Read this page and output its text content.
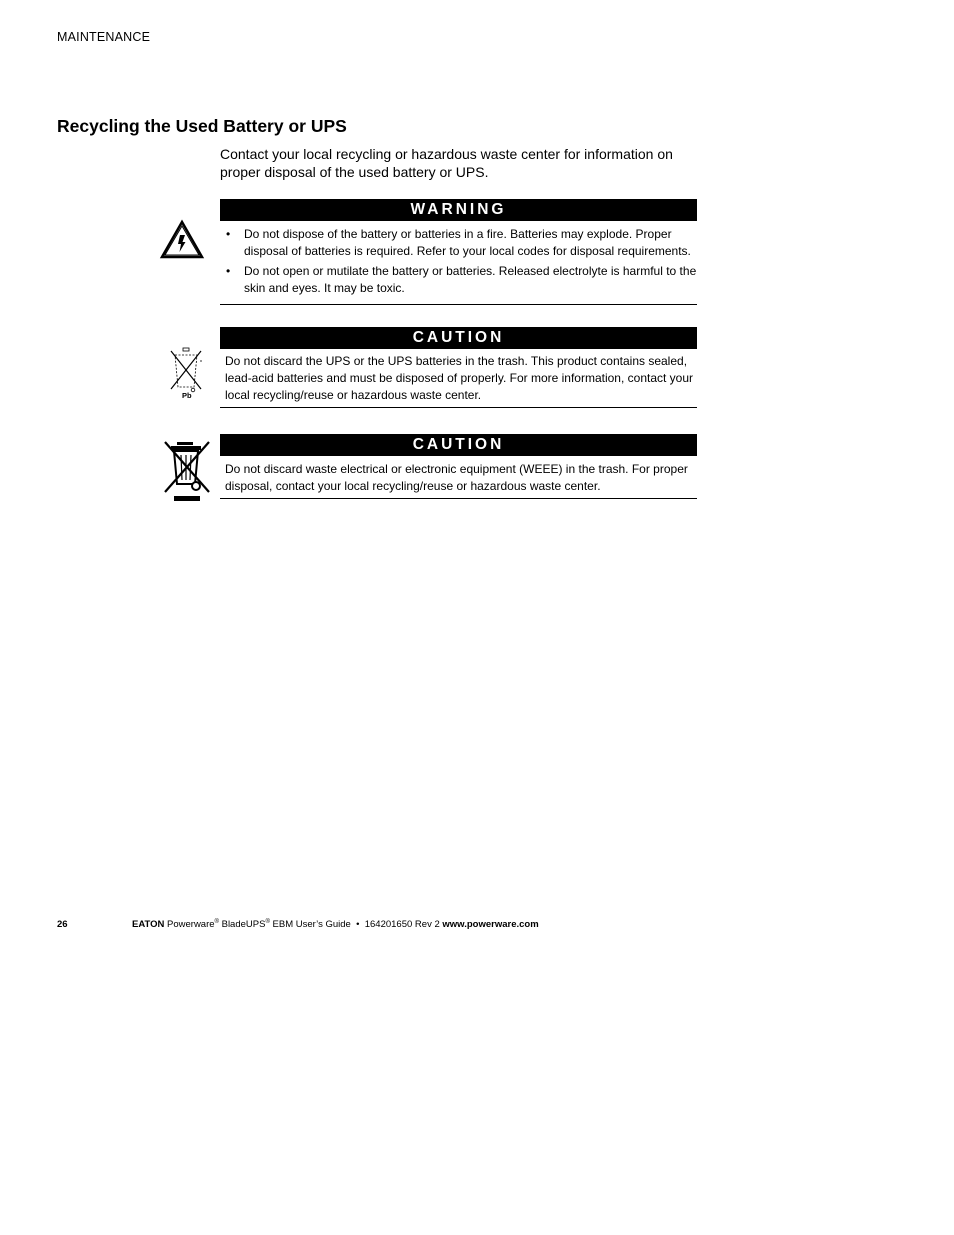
MAINTENANCE
Recycling the Used Battery or UPS

Contact your local recycling or hazardous waste center for information on proper disposal of the used battery or UPS.

WARNING
• Do not dispose of the battery or batteries in a fire. Batteries may explode. Proper disposal of batteries is required. Refer to your local codes for disposal requirements.
• Do not open or mutilate the battery or batteries. Released electrolyte is harmful to the skin and eyes. It may be toxic.
Pb
CAUTION

Do not discard the UPS or the UPS batteries in the trash. This product contains sealed, lead-acid batteries and must be disposed of properly. For more information, contact your local recycling/reuse or hazardous waste center.

CAUTION

Do not discard waste electrical or electronic equipment (WEEE) in the trash. For proper disposal, contact your local recycling/reuse or hazardous waste center.

26	EATON Powerware® BladeUPS® EBM User’s Guide • 164201650 Rev 2 www.powerware.com
